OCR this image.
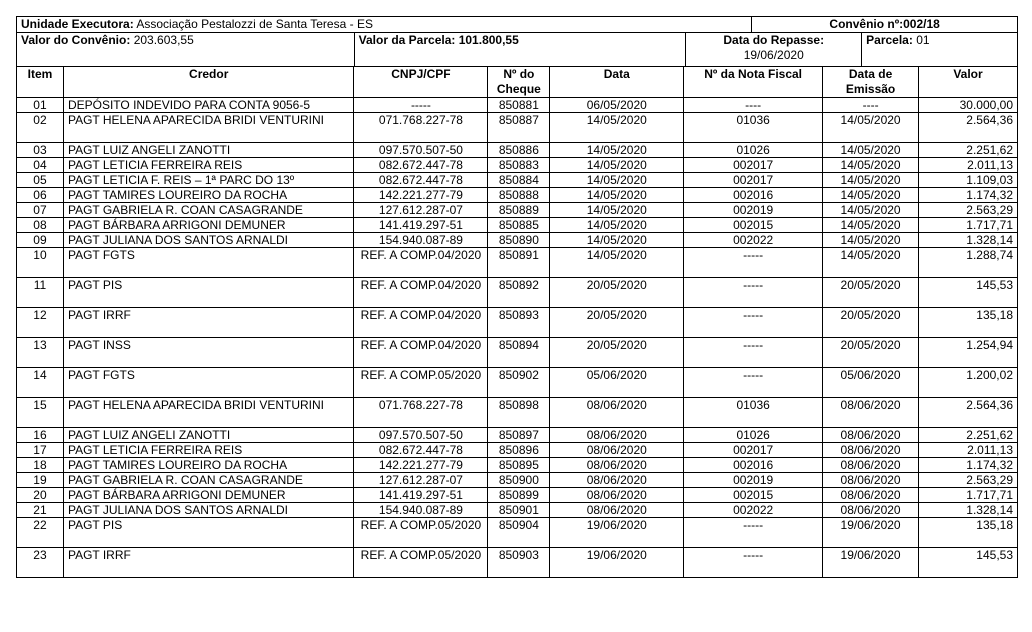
Unidade Executora: Associação Pestalozzi de Santa Teresa - ES			Convênio nº:002/18	
Valor do Convênio: 203.603,55	Valor da Parcela: 101.800,55	Data do Repasse:
19/06/2020		Parcela: 01
Item	Credor	CNPJ/CPF	Nº do Cheque	Data	Nº da Nota Fiscal	Data de Emissão	Valor
01	DEPÓSITO INDEVIDO PARA CONTA 9056-5	-----	850881	06/05/2020	----	----	30.000,00
02	PAGT HELENA APARECIDA BRIDI VENTURINI	071.768.227-78	850887	14/05/2020	01036	14/05/2020	2.564,36
03	PAGT LUIZ ANGELI ZANOTTI	097.570.507-50	850886	14/05/2020	01026	14/05/2020	2.251,62
04	PAGT LETICIA FERREIRA REIS	082.672.447-78	850883	14/05/2020	002017	14/05/2020	2.011,13
05	PAGT LETICIA F. REIS – 1ª PARC DO 13º	082.672.447-78	850884	14/05/2020	002017	14/05/2020	1.109,03
06	PAGT TAMIRES LOUREIRO DA ROCHA	142.221.277-79	850888	14/05/2020	002016	14/05/2020	1.174,32
07	PAGT GABRIELA R. COAN CASAGRANDE	127.612.287-07	850889	14/05/2020	002019	14/05/2020	2.563,29
08	PAGT BÁRBARA ARRIGONI DEMUNER	141.419.297-51	850885	14/05/2020	002015	14/05/2020	1.717,71
09	PAGT JULIANA DOS SANTOS ARNALDI	154.940.087-89	850890	14/05/2020	002022	14/05/2020	1.328,14
10	PAGT FGTS	REF. A COMP.04/2020	850891	14/05/2020	-----	14/05/2020	1.288,74
11	PAGT PIS	REF. A COMP.04/2020	850892	20/05/2020	-----	20/05/2020	145,53
12	PAGT IRRF	REF. A COMP.04/2020	850893	20/05/2020	-----	20/05/2020	135,18
13	PAGT INSS	REF. A COMP.04/2020	850894	20/05/2020	-----	20/05/2020	1.254,94
14	PAGT FGTS	REF. A COMP.05/2020	850902	05/06/2020	-----	05/06/2020	1.200,02
15	PAGT HELENA APARECIDA BRIDI VENTURINI	071.768.227-78	850898	08/06/2020	01036	08/06/2020	2.564,36
16	PAGT LUIZ ANGELI ZANOTTI	097.570.507-50	850897	08/06/2020	01026	08/06/2020	2.251,62
17	PAGT LETICIA FERREIRA REIS	082.672.447-78	850896	08/06/2020	002017	08/06/2020	2.011,13
18	PAGT TAMIRES LOUREIRO DA ROCHA	142.221.277-79	850895	08/06/2020	002016	08/06/2020	1.174,32
19	PAGT GABRIELA R. COAN CASAGRANDE	127.612.287-07	850900	08/06/2020	002019	08/06/2020	2.563,29
20	PAGT BÁRBARA ARRIGONI DEMUNER	141.419.297-51	850899	08/06/2020	002015	08/06/2020	1.717,71
21	PAGT JULIANA DOS SANTOS ARNALDI	154.940.087-89	850901	08/06/2020	002022	08/06/2020	1.328,14
22	PAGT PIS	REF. A COMP.05/2020	850904	19/06/2020	-----	19/06/2020	135,18
23	PAGT IRRF	REF. A COMP.05/2020	850903	19/06/2020	-----	19/06/2020	145,53
